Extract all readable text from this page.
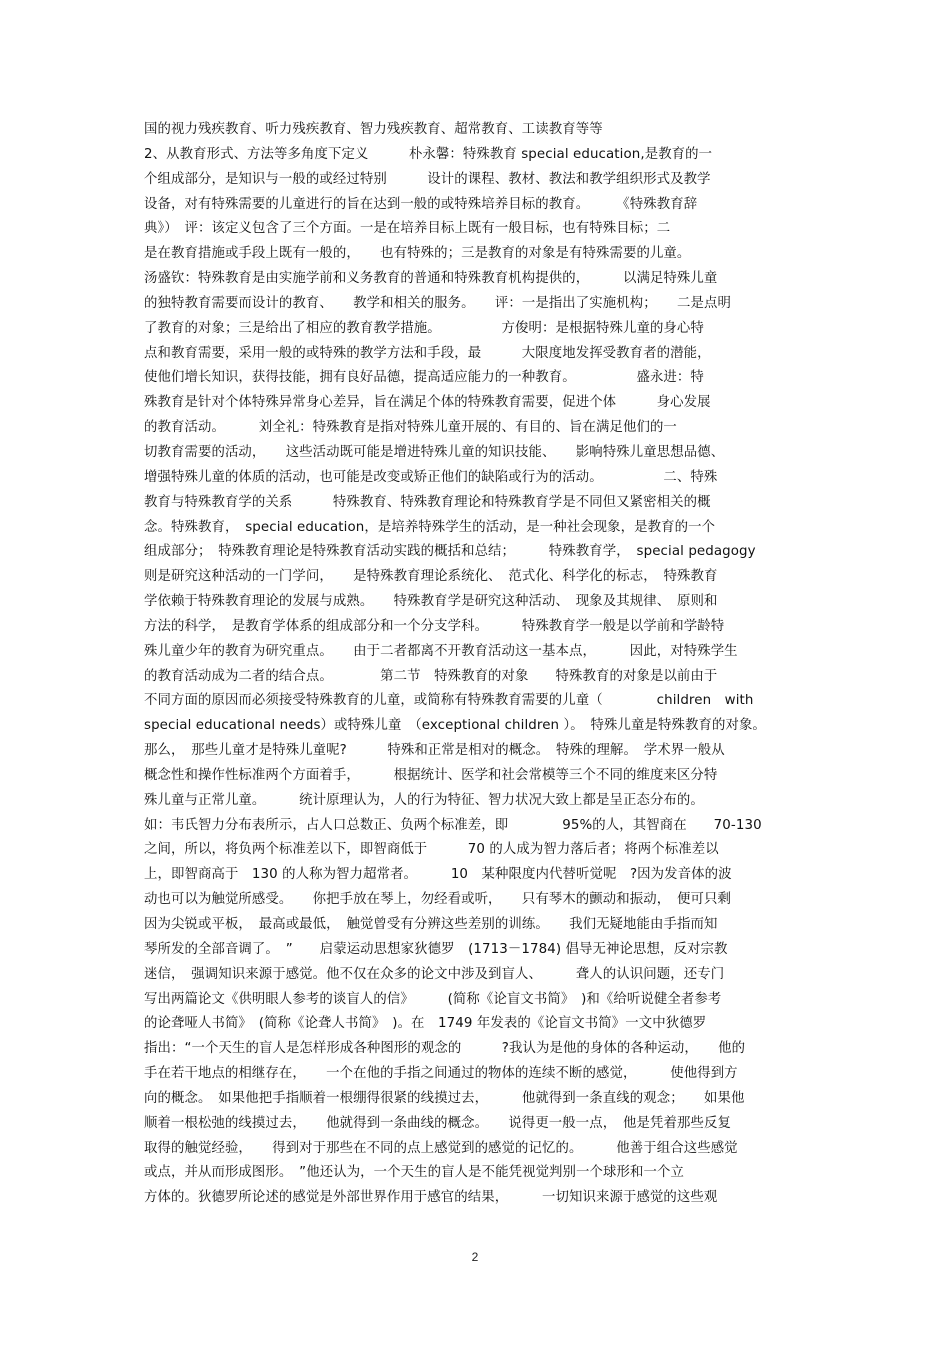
国的视力残疾教育、听力残疾教育、智力残疾教育、超常教育、工读教育等等
2、从教育形式、方法等多角度下定义　　　朴永馨：特殊教育 special education,是教育的一
个组成部分，是知识与一般的或经过特别　　　设计的课程、教材、教法和教学组织形式及教学
设备，对有特殊需要的儿童进行的旨在达到一般的或特殊培养目标的教育。　　　《特殊教育辞
典》）　评：该定义包含了三个方面。一是在培养目标上既有一般目标，也有特殊目标；二
是在教育措施或手段上既有一般的，　　也有特殊的；三是教育的对象是有特殊需要的儿童。
汤盛钦：特殊教育是由实施学前和义务教育的普通和特殊教育机构提供的，　　　以满足特殊儿童
的独特教育需要而设计的教育、　　教学和相关的服务。　　评：一是指出了实施机构；　　二是点明
了教育的对象；三是给出了相应的教育教学措施。　　　　　方俊明：是根据特殊儿童的身心特
点和教育需要，采用一般的或特殊的教学方法和手段，最　　　大限度地发挥受教育者的潜能，
使他们增长知识，获得技能，拥有良好品德，提高适应能力的一种教育。　　　　　盛永进：特
殊教育是针对个体特殊异常身心差异，旨在满足个体的特殊教育需要，促进个体　　　身心发展
的教育活动。　　　刘全礼：特殊教育是指对特殊儿童开展的、有目的、旨在满足他们的一
切教育需要的活动，　　这些活动既可能是增进特殊儿童的知识技能、　　影响特殊儿童思想品德、
增强特殊儿童的体质的活动，也可能是改变或矫正他们的缺陷或行为的活动。　　　　　二、特殊
教育与特殊教育学的关系　　　特殊教育、特殊教育理论和特殊教育学是不同但又紧密相关的概
念。特殊教育，　special education，是培养特殊学生的活动，是一种社会现象，是教育的一个
组成部分；　特殊教育理论是特殊教育活动实践的概括和总结；　　　特殊教育学，　special pedagogy
则是研究这种活动的一门学问，　　是特殊教育理论系统化、　范式化、科学化的标志，　特殊教育
学依赖于特殊教育理论的发展与成熟。　　特殊教育学是研究这种活动、　现象及其规律、　原则和
方法的科学，　是教育学体系的组成部分和一个分支学科。　　　特殊教育学一般是以学前和学龄特
殊儿童少年的教育为研究重点。　　由于二者都离不开教育活动这一基本点，　　　因此，对特殊学生
的教育活动成为二者的结合点。　　　　第二节　特殊教育的对象　　特殊教育的对象是以前由于
不同方面的原因而必须接受特殊教育的儿童，或简称有特殊教育需要的儿童（　　　　children　with
special educational needs）或特殊儿童　（exceptional children ）。　特殊儿童是特殊教育的对象。
那么，　那些儿童才是特殊儿童呢?　　　特殊和正常是相对的概念。　特殊的理解。　学术界一般从
概念性和操作性标准两个方面着手，　　　根据统计、医学和社会常模等三个不同的维度来区分特
殊儿童与正常儿童。　　　统计原理认为，人的行为特征、智力状况大致上都是呈正态分布的。
如：韦氏智力分布表所示，占人口总数正、负两个标准差，即　　　　95%的人，其智商在　　70-130
之间，所以，将负两个标准差以下，即智商低于　　　70 的人成为智力落后者；将两个标准差以
上，即智商高于　130 的人称为智力超常者。　　　10　某种限度内代替听觉呢　?因为发音体的波
动也可以为触觉所感受。　　你把手放在琴上，勿经看或听，　　只有琴木的颤动和振动，　便可只剩
因为尖锐或平板，　最高或最低，　触觉曾受有分辨这些差别的训练。　　我们无疑地能由手指而知
琴所发的全部音调了。　”　　启蒙运动思想家狄德罗　(1713－1784) 倡导无神论思想，反对宗教
迷信，　强调知识来源于感觉。他不仅在众多的论文中涉及到盲人、　　　聋人的认识问题，还专门
写出两篇论文《供明眼人参考的谈盲人的信》　　　(简称《论盲文书简》　)和《给听说健全者参考
的论聋哑人书简》　(简称《论聋人书简》　)。在　1749 年发表的《论盲文书简》一文中狄德罗
指出：“一个天生的盲人是怎样形成各种图形的观念的　　　?我认为是他的身体的各种运动，　　他的
手在若干地点的相继存在，　　一个在他的手指之间通过的物体的连续不断的感觉，　　　使他得到方
向的概念。　如果他把手指顺着一根绷得很紧的线摸过去，　　　他就得到一条直线的观念；　　如果他
顺着一根松弛的线摸过去，　　他就得到一条曲线的概念。　　说得更一般一点，　他是凭着那些反复
取得的触觉经验，　　得到对于那些在不同的点上感觉到的感觉的记忆的。　　　他善于组合这些感觉
或点，并从而形成图形。　”他还认为，一个天生的盲人是不能凭视觉判别一个球形和一个立
方体的。狄德罗所论述的感觉是外部世界作用于感官的结果，　　　一切知识来源于感觉的这些观
2
